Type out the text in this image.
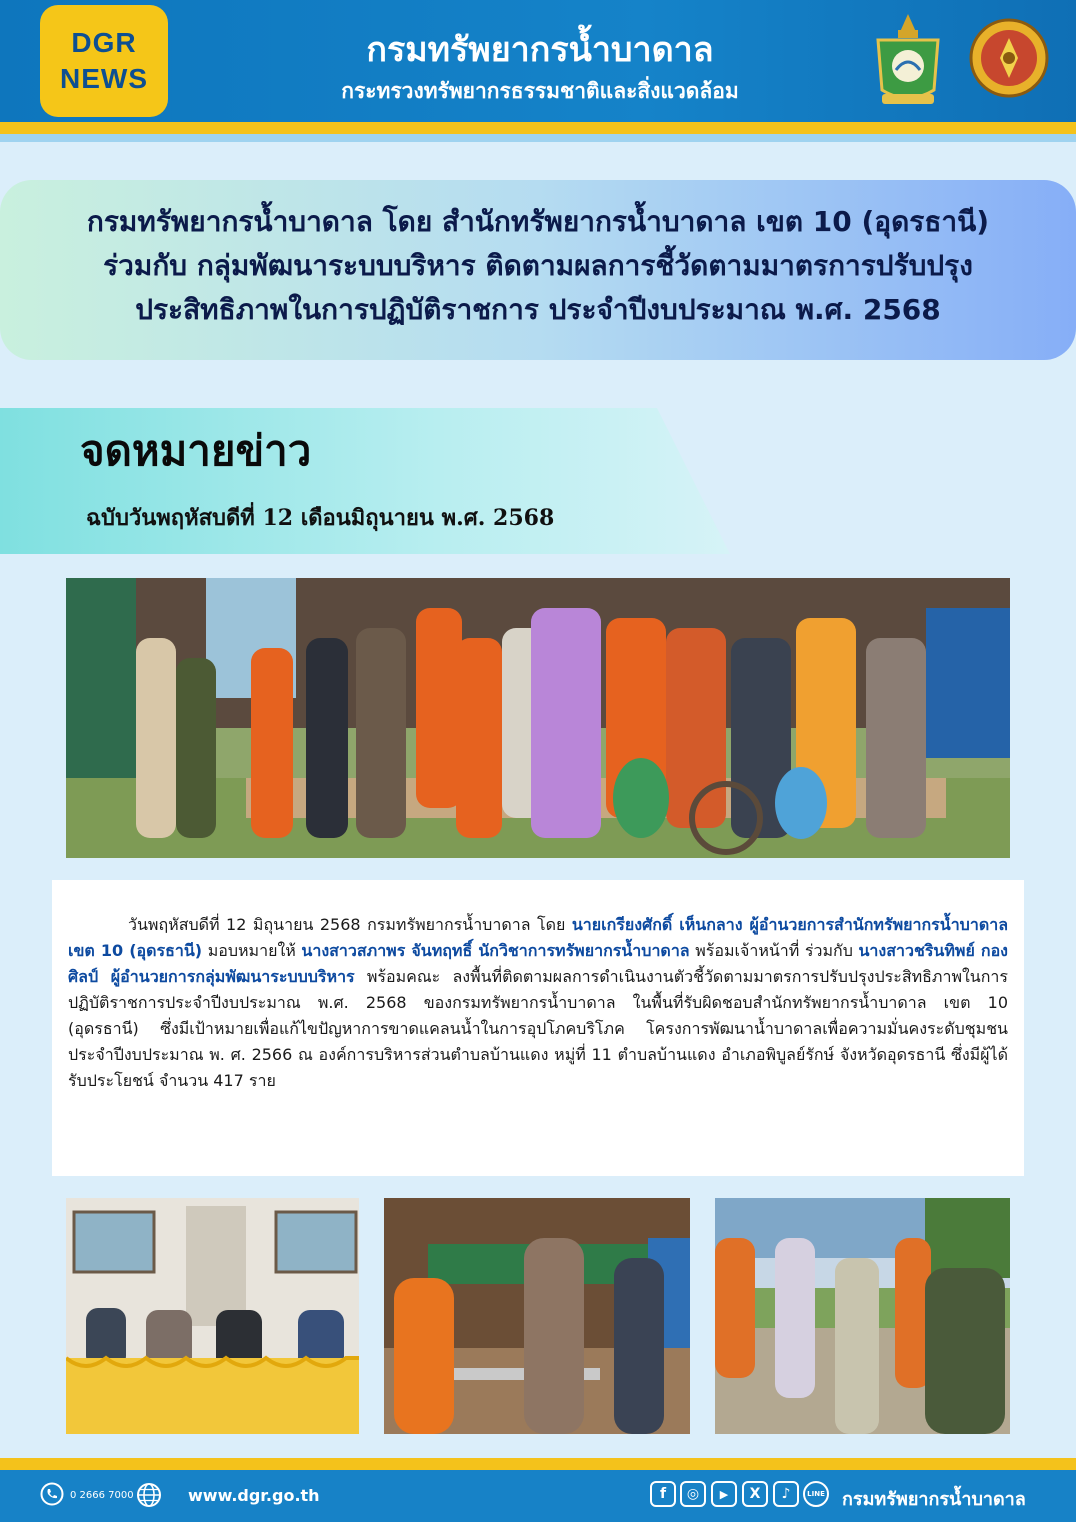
DGR
NEWS
กรมทรัพยากรน้ำบาดาล
กระทรวงทรัพยากรธรรมชาติและสิ่งแวดล้อม
กรมทรัพยากรน้ำบาดาล โดย สำนักทรัพยากรน้ำบาดาล เขต 10 (อุดรธานี)
ร่วมกับ กลุ่มพัฒนาระบบบริหาร ติดตามผลการชี้วัดตามมาตรการปรับปรุง
ประสิทธิภาพในการปฏิบัติราชการ ประจำปีงบประมาณ พ.ศ. 2568
จดหมายข่าว
ฉบับวันพฤหัสบดีที่ 12 เดือนมิถุนายน พ.ศ. 2568
วันพฤหัสบดีที่ 12 มิถุนายน 2568 กรมทรัพยากรน้ำบาดาล โดย นายเกรียงศักดิ์ เห็นกลาง ผู้อำนวยการสำนักทรัพยากรน้ำบาดาล เขต 10 (อุดรธานี) มอบหมายให้ นางสาวสภาพร จันทฤทธิ์ นักวิชาการทรัพยากรน้ำบาดาล พร้อมเจ้าหน้าที่ ร่วมกับ นางสาวชรินทิพย์ กองศิลป์ ผู้อำนวยการกลุ่มพัฒนาระบบบริหาร พร้อมคณะ ลงพื้นที่ติดตามผลการดำเนินงานตัวชี้วัดตามมาตรการปรับปรุงประสิทธิภาพในการปฏิบัติราชการประจำปีงบประมาณ พ.ศ. 2568 ของกรมทรัพยากรน้ำบาดาล ในพื้นที่รับผิดชอบสำนักทรัพยากรน้ำบาดาล เขต 10 (อุดรธานี) ซึ่งมีเป้าหมายเพื่อแก้ไขปัญหาการขาดแคลนน้ำในการอุปโภคบริโภค โครงการพัฒนาน้ำบาดาลเพื่อความมั่นคงระดับชุมชน ประจำปีงบประมาณ พ. ศ. 2566 ณ องค์การบริหารส่วนตำบลบ้านแดง หมู่ที่ 11 ตำบลบ้านแดง อำเภอพิบูลย์รักษ์ จังหวัดอุดรธานี ซึ่งมีผู้ได้รับประโยชน์ จำนวน 417 ราย
0 2666 7000	www.dgr.go.th	f	◎	▶	X	♪	LINE กรมทรัพยากรน้ำบาดาล
